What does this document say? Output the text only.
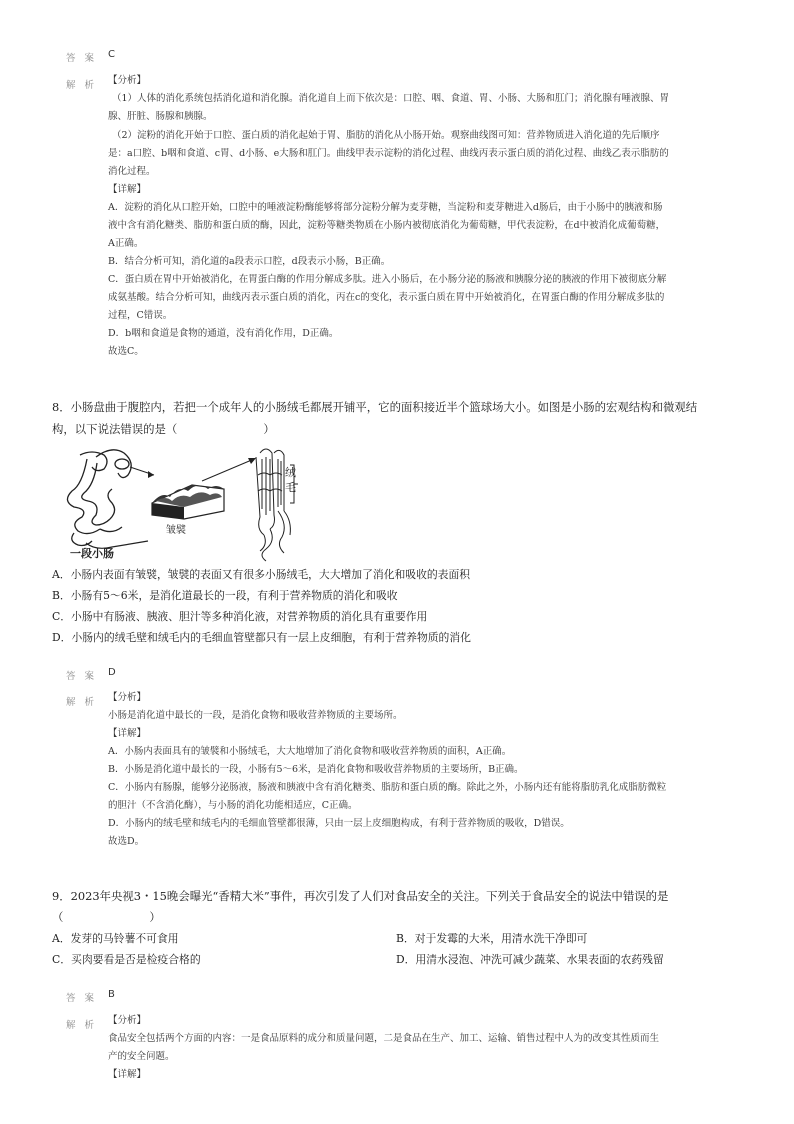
答 案 C
解 析 【分析】
（1）人体的消化系统包括消化道和消化腺。消化道自上而下依次是：口腔、咽、食道、胃、小肠、大肠和肛门；消化腺有唾液腺、胃
腺、肝脏、肠腺和胰腺。
（2）淀粉的消化开始于口腔、蛋白质的消化起始于胃、脂肪的消化从小肠开始。观察曲线图可知：营养物质进入消化道的先后顺序
是：a口腔、b咽和食道、c胃、d小肠、e大肠和肛门。曲线甲表示淀粉的消化过程、曲线丙表示蛋白质的消化过程、曲线乙表示脂肪的
消化过程。
【详解】
A．淀粉的消化从口腔开始，口腔中的唾液淀粉酶能够将部分淀粉分解为麦芽糖，当淀粉和麦芽糖进入d肠后，由于小肠中的胰液和肠
液中含有消化糖类、脂肪和蛋白质的酶，因此，淀粉等糖类物质在小肠内被彻底消化为葡萄糖，甲代表淀粉，在d中被消化成葡萄糖，
A正确。
B．结合分析可知，消化道的a段表示口腔，d段表示小肠，B正确。
C．蛋白质在胃中开始被消化，在胃蛋白酶的作用分解成多肽。进入小肠后，在小肠分泌的肠液和胰腺分泌的胰液的作用下被彻底分解
成氨基酸。结合分析可知，曲线丙表示蛋白质的消化，丙在c的变化，表示蛋白质在胃中开始被消化，在胃蛋白酶的作用分解成多肽的
过程，C错误。
D．b咽和食道是食物的通道，没有消化作用，D正确。
故选C。
8．小肠盘曲于腹腔内，若把一个成年人的小肠绒毛都展开铺平，它的面积接近半个篮球场大小。如图是小肠的宏观结构和微观结
构，以下说法错误的是（	）
绒毛
皱襞
一段小肠
A．小肠内表面有皱襞，皱襞的表面又有很多小肠绒毛，大大增加了消化和吸收的表面积
B．小肠有5～6米，是消化道最长的一段，有利于营养物质的消化和吸收
C．小肠中有肠液、胰液、胆汁等多种消化液，对营养物质的消化具有重要作用
D．小肠内的绒毛壁和绒毛内的毛细血管壁都只有一层上皮细胞，有利于营养物质的消化
答 案 D
解 析 【分析】
小肠是消化道中最长的一段，是消化食物和吸收营养物质的主要场所。
【详解】
A．小肠内表面具有的皱襞和小肠绒毛，大大地增加了消化食物和吸收营养物质的面积，A正确。
B．小肠是消化道中最长的一段，小肠有5～6米，是消化食物和吸收营养物质的主要场所，B正确。
C．小肠内有肠腺，能够分泌肠液，肠液和胰液中含有消化糖类、脂肪和蛋白质的酶。除此之外，小肠内还有能将脂肪乳化成脂肪微粒
的胆汁（不含消化酶），与小肠的消化功能相适应，C正确。
D．小肠内的绒毛壁和绒毛内的毛细血管壁都很薄，只由一层上皮细胞构成，有利于营养物质的吸收，D错误。
故选D。
9．2023年央视3・15晚会曝光“香精大米”事件，再次引发了人们对食品安全的关注。下列关于食品安全的说法中错误的是
（	）
A．发芽的马铃薯不可食用	B．对于发霉的大米，用清水洗干净即可
C．买肉要看是否是检疫合格的	D．用清水浸泡、冲洗可减少蔬菜、水果表面的农药残留
答 案 B
解 析 【分析】
食品安全包括两个方面的内容：一是食品原料的成分和质量问题，二是食品在生产、加工、运输、销售过程中人为的改变其性质而生
产的安全问题。
【详解】
